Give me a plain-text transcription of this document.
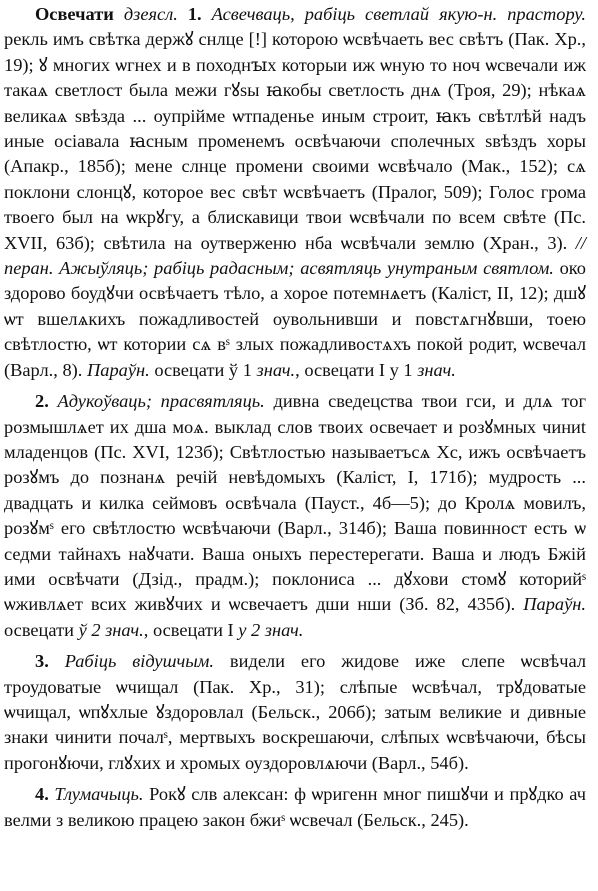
Освечати дзеясл. 1. Асвечваць, рабіць светлай якую-н. прастору. рекль имъ свѣтка держꙋ снлце [!] которою ѡсвѣчаеть вес свѣтъ (Пак. Хр., 19); ꙋ многих ѡгнех и в походнꙑх которыи иж ѡную то ноч ѡсвечали иж такаѧ светлост была межи гꙋѕы ꙗкобы светлость днѧ (Троя, 29); нѣкаѧ великаѧ ѕвѣзда ... оупрійме ѡтпаденье иным строит, ꙗкъ свѣтлѣй надъ иные осіавала ꙗсным променемъ освѣчаючи сполечных ѕвѣздъ хоры (Апакр., 185б); мене слнце промени своими ѡсвѣчало (Мак., 152); сѧ поклони слонцꙋ, которое вес свѣт ѡсвѣчаетъ (Пралог, 509); Голос грома твоего был на ѡкрꙋгу, а блискавици твои ѡсвѣчали по всем свѣте (Пс. XVII, 63б); свѣтила на оутверженю нба ѡсвѣчали землю (Хран., 3). // перан. Ажыўляць; рабіць радасным; асвятляць унутраным святлом. око здорово боудꙋчи освѣчаетъ тѣло, а хорое потемнѧетъ (Каліст, II, 12); дшꙋ ѡт вшелѧкихъ пожадливостей оувольнивши и повстѧгнꙋвши, тоею свѣтлостю, ѡт котории сѧ вˢ злых пожадливостѧхъ покой родит, ѡсвечал (Варл., 8). Параўн. освецати ў 1 знач., освецати I у 1 знач.

2. Адукоўваць; прасвятляць. дивна сведецства твои гси, и длѧ тог розмышлѧет их дша моѧ. выклад слов твоих освечает и розꙋмных чиниt младенцов (Пс. XVI, 123б); Свѣтлостью называетъсѧ Хс, ижъ освѣчаетъ розꙋмъ до познанѧ речій невѣдомыхъ (Каліст, I, 171б); мудрость ... двадцать и килка сеймовъ освѣчала (Пауст., 4б—5); до Кролѧ мовилъ, розꙋмˢ его свѣтлостю ѡсвѣчаючи (Варл., 314б); Ваша повинност есть ѡ седми тайнахъ наꙋчати. Ваша оныхъ перестерегати. Ваша и людъ Бжій ими освѣчати (Дзід., прадм.); поклониса ... дꙋхови стомꙋ которийˢ ѡживлѧет всих живꙋчих и ѡсвечаетъ дши нши (Зб. 82, 435б). Параўн. освецати ў 2 знач., освецати I у 2 знач.

3. Рабіць відушчым. видели его жидове иже слепе ѡсвѣчал троудоватые ѡчищал (Пак. Хр., 31); слѣпые ѡсвѣчал, трꙋдоватые ѡчищал, ѡпꙋхлые ꙋздоровлал (Бельск., 206б); затым великие и дивные знаки чинити почалˢ, мертвыхъ воскрешаючи, слѣпых ѡсвѣчаючи, бѣсы прогонꙋючи, глꙋхих и хромых оуздоровлѧючи (Варл., 54б).

4. Тлумачыць. Рокꙋ слв алексан: ф ѡригенн мног пишꙋчи и прꙋдко ач велми з великою працею закон бжиˢ ѡсвечал (Бельск., 245).
